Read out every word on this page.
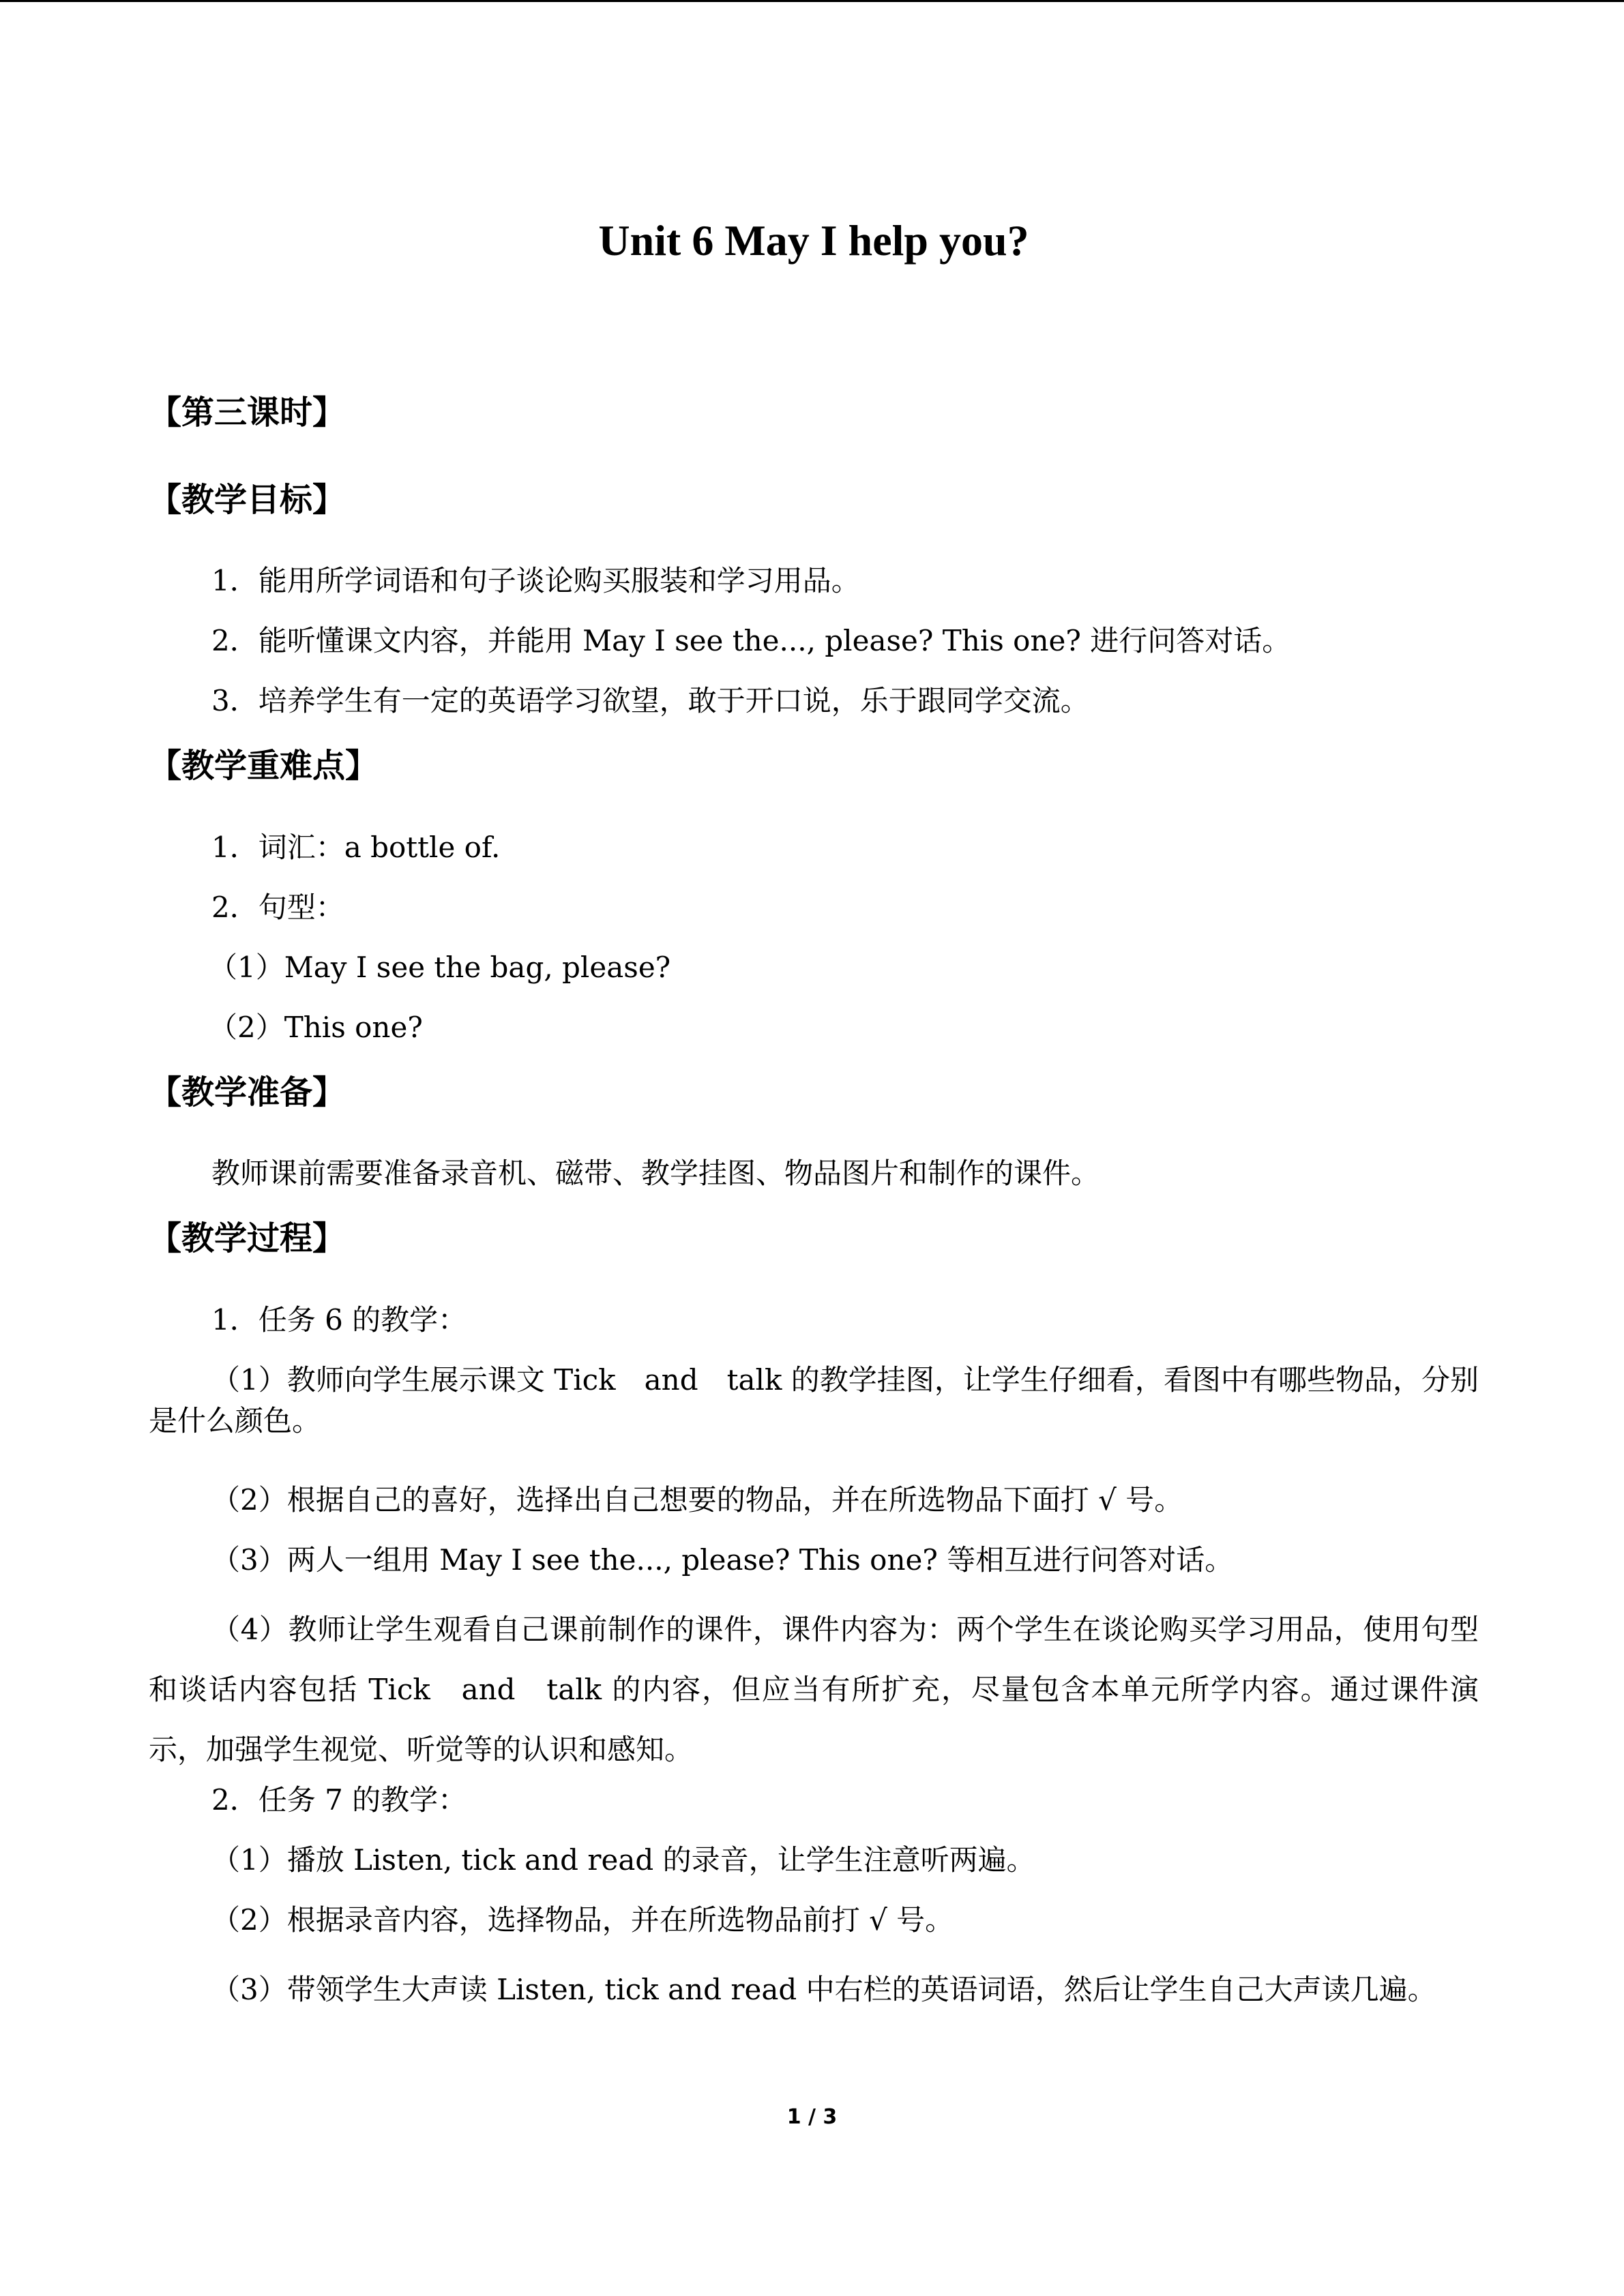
Unit 6 May I help you?
【第三课时】
【教学目标】
1．能用所学词语和句子谈论购买服装和学习用品。
2．能听懂课文内容，并能用 May I see the..., please? This one? 进行问答对话。
3．培养学生有一定的英语学习欲望，敢于开口说，乐于跟同学交流。
【教学重难点】
1．词汇：a bottle of.
2．句型：
（1）May I see the bag, please?
（2）This one?
【教学准备】
教师课前需要准备录音机、磁带、教学挂图、物品图片和制作的课件。
【教学过程】
1．任务 6 的教学：
（1）教师向学生展示课文 Tick　and　talk 的教学挂图，让学生仔细看，看图中有哪些物品，分别是什么颜色。
（2）根据自己的喜好，选择出自己想要的物品，并在所选物品下面打 √ 号。
（3）两人一组用 May I see the..., please? This one? 等相互进行问答对话。
（4）教师让学生观看自己课前制作的课件，课件内容为：两个学生在谈论购买学习用品，使用句型和谈话内容包括 Tick　and　talk 的内容，但应当有所扩充，尽量包含本单元所学内容。通过课件演示，加强学生视觉、听觉等的认识和感知。
2．任务 7 的教学：
（1）播放 Listen, tick and read 的录音，让学生注意听两遍。
（2）根据录音内容，选择物品，并在所选物品前打 √ 号。
（3）带领学生大声读 Listen, tick and read 中右栏的英语词语，然后让学生自己大声读几遍。
1 / 3
